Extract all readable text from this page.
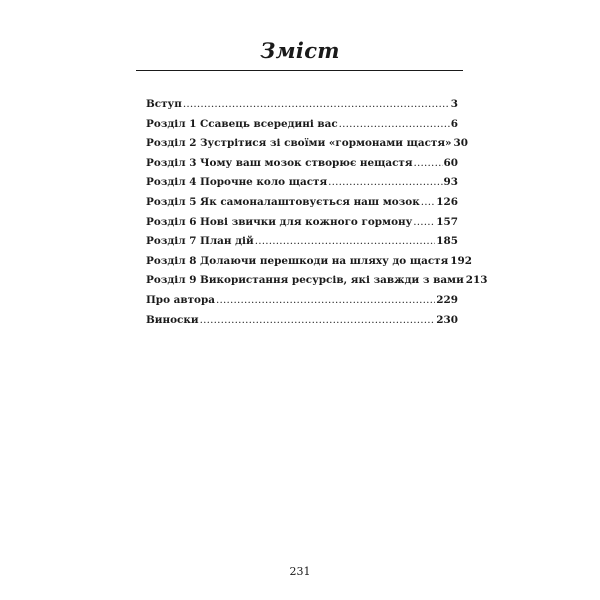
Зміст
Вступ .....	3
Розділ 1 Ссавець всередині вас .....	6
Розділ 2 Зустрітися зі своїми «гормонами щастя» 30
Розділ 3 Чому ваш мозок створює нещастя .....	60
Розділ 4 Порочне коло щастя .....	93
Розділ 5 Як самоналаштовується наш мозок ..... 126
Розділ 6 Нові звички для кожного гормону ..... 157
Розділ 7 План дій .....	185
Розділ 8 Долаючи перешкоди на шляху до щастя 192
Розділ 9 Використання ресурсів, які завжди з вами 213
Про автора .....	229
Виноски .....	230
231
